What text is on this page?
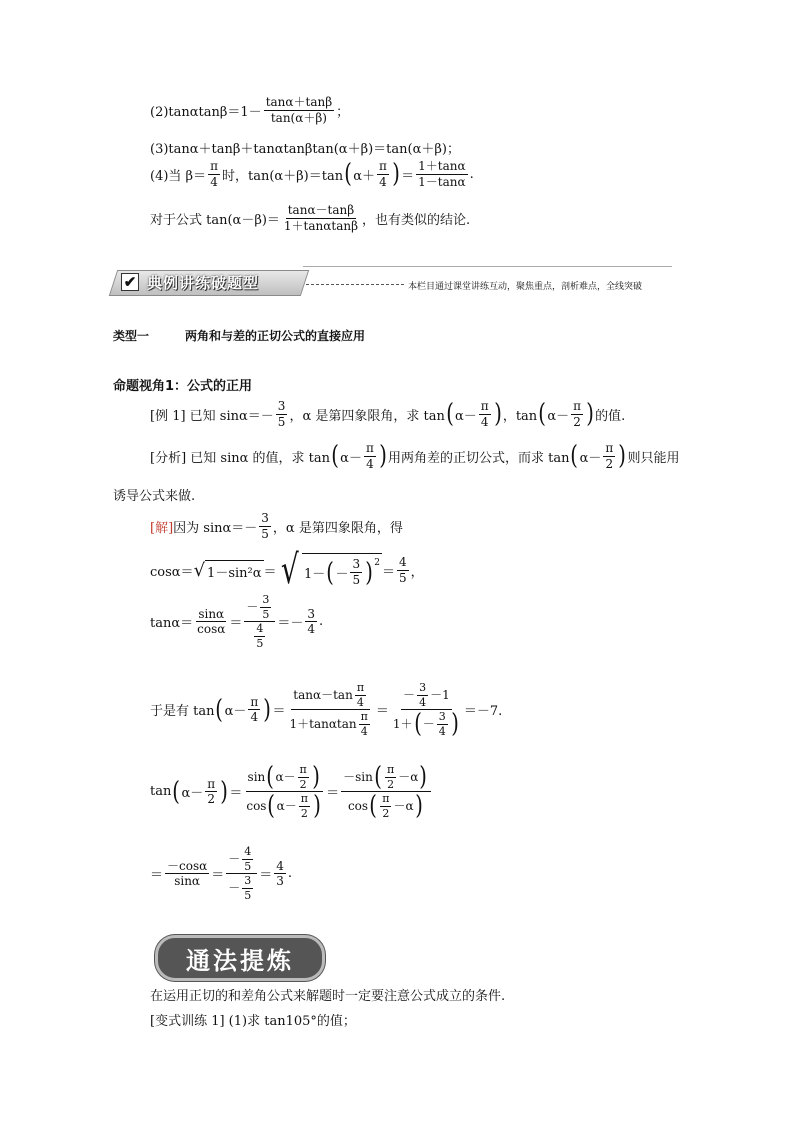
$(2)\tan\alpha\tan\beta=1- \frac{\tan\alpha+\tan\beta}{\tan(\alpha+\beta)}$ ；
(3)tanα＋tanβ＋tanαtanβtan(α＋β)＝tan(α＋β)；
(4)当 $\beta= \frac{\pi}{4}$ 时，tan(α＋β)＝tan ( $\alpha+ \frac{\pi}{4}$ ) ＝ $\frac{1+\tan\alpha}{1-\tan\alpha}$ .
对于公式 $\tan(\alpha-\beta)= \frac{\tan\alpha-\tan\beta}{1+\tan\alpha\tan\beta}$ ，也有类似的结论.
✔ 典例讲练破题型	本栏目通过课堂讲练互动，聚焦重点，剖析难点，全线突破
类型一	两角和与差的正切公式的直接应用
命题视角1：公式的正用
[例 1] 已知 $\sin\alpha=- \frac{3}{5}$ ，α 是第四象限角，求 tan ( $\alpha- \frac{\pi}{4}$ ) ，tan ( $\alpha- \frac{\pi}{2}$ ) 的值.
[分析] 已知 sinα 的值，求 tan ( $\alpha- \frac{\pi}{4}$ ) 用两角差的正切公式，而求 tan ( $\alpha- \frac{\pi}{2}$ ) 则只能用
诱导公式来做.
[解] 因为 $\sin\alpha=- \frac{3}{5}$ ，α 是第四象限角，得
cosα＝ √ 1－sin²α ＝ √ 1－ ( － $\frac{3}{5} )^2$
＝ $\frac{4}{5}$ ，
$\tan\alpha= \frac{\sin\alpha}{\cos\alpha} = \frac{- \frac{3}{5}}{\frac{4}{5}} =- \frac{3}{4}$ .
于是有 tan ( $\alpha- \frac{\pi}{4}$ ) ＝ $\frac{\tan\alpha-\tan \frac{\pi}{4}}{1+\tan\alpha\tan \frac{\pi}{4}} = \frac{- \frac{3}{4} -1}{1+ ( - \frac{3}{4} )} =-7$.
tan ( $\alpha- \frac{\pi}{2}$ ) ＝ $\frac{\sin ( \alpha- \frac{\pi}{2} )}{\cos ( \alpha- \frac{\pi}{2} )} = \frac{-\sin ( \frac{\pi}{2} -\alpha )}{\cos ( \frac{\pi}{2} -\alpha )}$
＝ $\frac{-\cos\alpha}{\sin\alpha} = \frac{- \frac{4}{5}}{- \frac{3}{5}} = \frac{4}{3}$ .
通法提炼
在运用正切的和差角公式来解题时一定要注意公式成立的条件.
[变式训练 1] (1)求 tan105°的值；
